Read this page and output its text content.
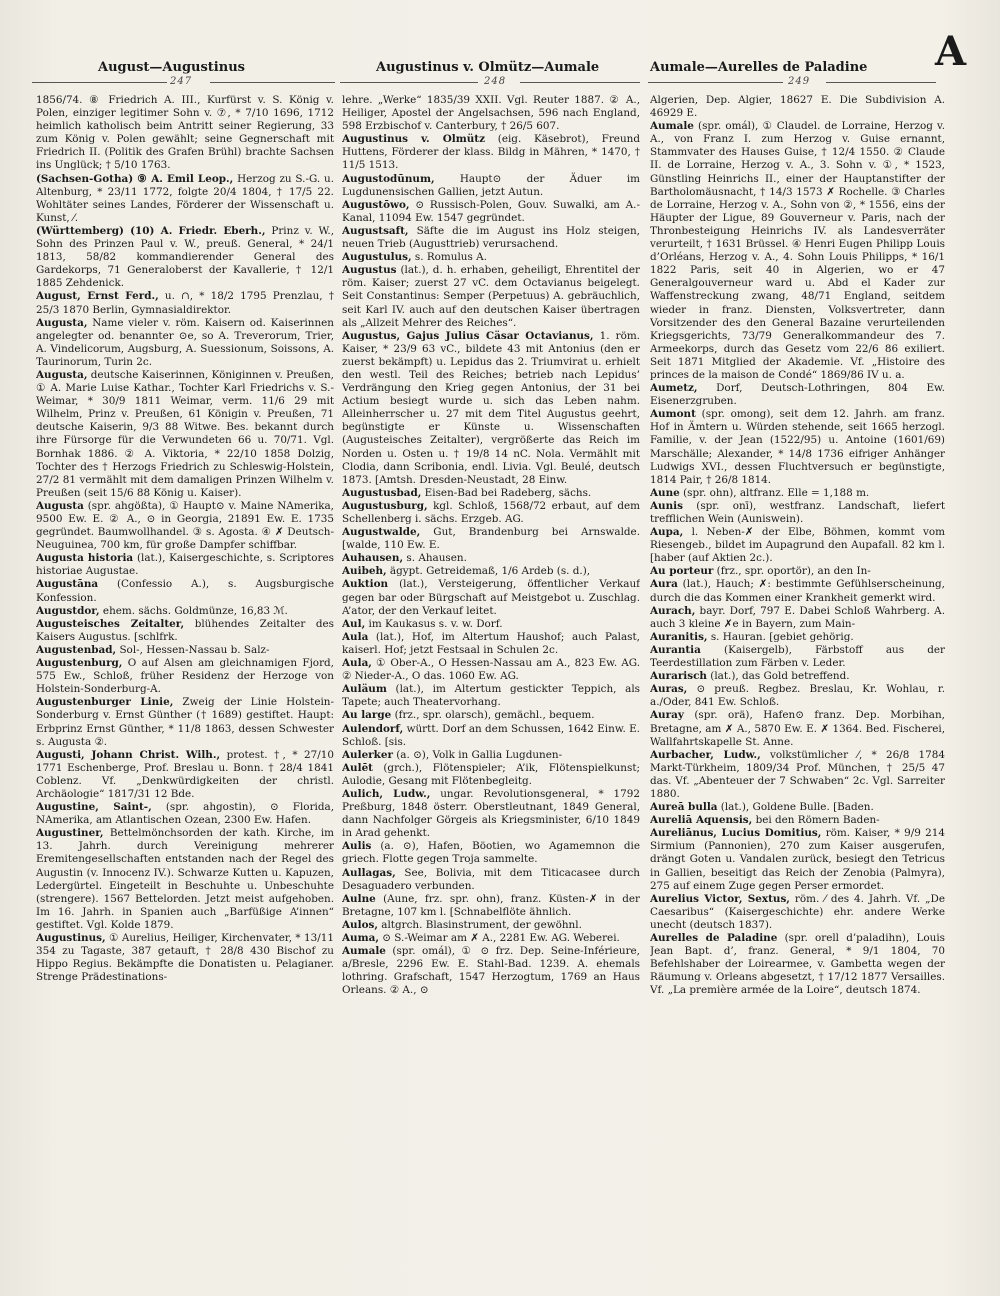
A
August—Augustinus	Augustinus v. Olmütz—Aumale	Aumale—Aurelles de Paladine
247	248	249

1856/74. ⑧ Friedrich A. III., Kurfürst v. S. König v. Polen, einziger legitimer Sohn v. ⑦, * 7/10 1696, 1712 heimlich katholisch beim Antritt seiner Regierung, 33 zum König v. Polen gewählt; seine Gegnerschaft mit Friedrich II. (Politik des Grafen Brühl) brachte Sachsen ins Unglück; † 5/10 1763.

(Sachsen-Gotha) ⑨ A. Emil Leop., Herzog zu S.-G. u. Altenburg, * 23/11 1772, folgte 20/4 1804, † 17/5 22. Wohltäter seines Landes, Förderer der Wissenschaft u. Kunst, ⁄.

(Württemberg) (10) A. Friedr. Eberh., Prinz v. W., Sohn des Prinzen Paul v. W., preuß. General, * 24/1 1813, 58/82 kommandierender General des Gardekorps, 71 Generaloberst der Kavallerie, † 12/1 1885 Zehdenick.

August, Ernst Ferd., u. ∩, * 18/2 1795 Prenzlau, † 25/3 1870 Berlin, Gymnasialdirektor.

Augusta, Name vieler v. röm. Kaisern od. Kaiserinnen angelegter od. benannter ⊙e, so A. Treverorum, Trier, A. Vindelicorum, Augsburg, A. Suessionum, Soissons, A. Taurinorum, Turin 2c.

Augusta, deutsche Kaiserinnen, Königinnen v. Preußen, ① A. Marie Luise Kathar., Tochter Karl Friedrichs v. S.-Weimar, * 30/9 1811 Weimar, verm. 11/6 29 mit Wilhelm, Prinz v. Preußen, 61 Königin v. Preußen, 71 deutsche Kaiserin, 9/3 88 Witwe. Bes. bekannt durch ihre Fürsorge für die Verwundeten 66 u. 70/71. Vgl. Bornhak 1886. ② A. Viktoria, * 22/10 1858 Dolzig, Tochter des † Herzogs Friedrich zu Schleswig-Holstein, 27/2 81 vermählt mit dem damaligen Prinzen Wilhelm v. Preußen (seit 15/6 88 König u. Kaiser).

Augusta (spr. ahgößta), ① Haupt⊙ v. Maine NAmerika, 9500 Ew. E. ② A., ⊙ in Georgia, 21891 Ew. E. 1735 gegründet. Baumwollhandel. ③ s. Agosta. ④ ✗ Deutsch-Neuguinea, 700 km, für große Dampfer schiffbar.

Augusta historia (lat.), Kaisergeschichte, s. Scriptores historiae Augustae.

Augustāna (Confessio A.), s. Augsburgische Konfession.

Augustdor, ehem. sächs. Goldmünze, 16,83 ℳ.

Augusteisches Zeitalter, blühendes Zeitalter des Kaisers Augustus. [schlfrk.

Augustenbad, Sol-, Hessen-Nassau b. Salz-

Augustenburg, O auf Alsen am gleichnamigen Fjord, 575 Ew., Schloß, früher Residenz der Herzoge von Holstein-Sonderburg-A.

Augustenburger Linie, Zweig der Linie Holstein-Sonderburg v. Ernst Günther († 1689) gestiftet. Haupt: Erbprinz Ernst Günther, * 11/8 1863, dessen Schwester s. Augusta ②.

Augusti, Johann Christ. Wilh., protest. †, * 27/10 1771 Eschenberge, Prof. Breslau u. Bonn. † 28/4 1841 Coblenz. Vf. „Denkwürdigkeiten der christl. Archäologie“ 1817/31 12 Bde.

Augustine, Saint-, (spr. ahgostin), ⊙ Florida, NAmerika, am Atlantischen Ozean, 2300 Ew. Hafen.

Augustiner, Bettelmönchsorden der kath. Kirche, im 13. Jahrh. durch Vereinigung mehrerer Eremitengesellschaften entstanden nach der Regel des Augustin (v. Innocenz IV.). Schwarze Kutten u. Kapuzen, Ledergürtel. Eingeteilt in Beschuhte u. Unbeschuhte (strengere). 1567 Bettelorden. Jetzt meist aufgehoben. Im 16. Jahrh. in Spanien auch „Barfüßige A’innen“ gestiftet. Vgl. Kolde 1879.

Augustinus, ① Aurelius, Heiliger, Kirchenvater, * 13/11 354 zu Tagaste, 387 getauft, † 28/8 430 Bischof zu Hippo Regius. Bekämpfte die Donatisten u. Pelagianer. Strenge Prädestinations-

lehre. „Werke“ 1835/39 XXII. Vgl. Reuter 1887. ② A., Heiliger, Apostel der Angelsachsen, 596 nach England, 598 Erzbischof v. Canterbury, † 26/5 607.

Augustinus v. Olmütz (eig. Käsebrot), Freund Huttens, Förderer der klass. Bildg in Mähren, * 1470, † 11/5 1513.

Augustodūnum, Haupt⊙ der Äduer im Lugdunensischen Gallien, jetzt Autun.

Augustōwo, ⊙ Russisch-Polen, Gouv. Suwalki, am A.-Kanal, 11094 Ew. 1547 gegründet.

Augustsaft, Säfte die im August ins Holz steigen, neuen Trieb (Augusttrieb) verursachend.

Augustulus, s. Romulus A.

Augustus (lat.), d. h. erhaben, geheiligt, Ehrentitel der röm. Kaiser; zuerst 27 vC. dem Octavianus beigelegt. Seit Constantinus: Semper (Perpetuus) A. gebräuchlich, seit Karl IV. auch auf den deutschen Kaiser übertragen als „Allzeit Mehrer des Reiches“.

Augustus, Gajus Julius Cäsar Octavianus, 1. röm. Kaiser, * 23/9 63 vC., bildete 43 mit Antonius (den er zuerst bekämpft) u. Lepidus das 2. Triumvirat u. erhielt den westl. Teil des Reiches; betrieb nach Lepidus’ Verdrängung den Krieg gegen Antonius, der 31 bei Actium besiegt wurde u. sich das Leben nahm. Alleinherrscher u. 27 mit dem Titel Augustus geehrt, begünstigte er Künste u. Wissenschaften (Augusteisches Zeitalter), vergrößerte das Reich im Norden u. Osten u. † 19/8 14 nC. Nola. Vermählt mit Clodia, dann Scribonia, endl. Livia. Vgl. Beulé, deutsch 1873. [Amtsh. Dresden-Neustadt, 28 Einw.

Augustusbad, Eisen-Bad bei Radeberg, sächs.

Augustusburg, kgl. Schloß, 1568/72 erbaut, auf dem Schellenberg i. sächs. Erzgeb. AG.

Augustwalde, Gut, Brandenburg bei Arnswalde. [walde, 110 Ew. E.

Auhausen, s. Ahausen.

Auibeh, ägypt. Getreidemaß, 1/6 Ardeb (s. d.),

Auktion (lat.), Versteigerung, öffentlicher Verkauf gegen bar oder Bürgschaft auf Meistgebot u. Zuschlag. A’ator, der den Verkauf leitet.

Aul, im Kaukasus s. v. w. Dorf.

Aula (lat.), Hof, im Altertum Haushof; auch Palast, kaiserl. Hof; jetzt Festsaal in Schulen 2c.

Aula, ① Ober-A., O Hessen-Nassau am A., 823 Ew. AG. ② Nieder-A., O das. 1060 Ew. AG.

Auläum (lat.), im Altertum gestickter Teppich, als Tapete; auch Theatervorhang.

Au large (frz., spr. olarsch), gemächl., bequem.

Aulendorf, württ. Dorf an dem Schussen, 1642 Einw. E. Schloß. [sis.

Aulerker (a. ⊙), Volk in Gallia Lugdunen-

Aulēt (grch.), Flötenspieler; A’ik, Flötenspielkunst; Aulodie, Gesang mit Flötenbegleitg.

Aulich, Ludw., ungar. Revolutionsgeneral, * 1792 Preßburg, 1848 österr. Oberstleutnant, 1849 General, dann Nachfolger Görgeis als Kriegsminister, 6/10 1849 in Arad gehenkt.

Aulis (a. ⊙), Hafen, Böotien, wo Agamemnon die griech. Flotte gegen Troja sammelte.

Aullagas, See, Bolivia, mit dem Titicacasee durch Desaguadero verbunden.

Aulne (Aune, frz. spr. ohn), franz. Küsten-✗ in der Bretagne, 107 km l. [Schnabelflöte ähnlich.

Aulos, altgrch. Blasinstrument, der gewöhnl.

Auma, ⊙ S.-Weimar am ✗ A., 2281 Ew. AG. Weberei.

Aumale (spr. omál), ① ⊙ frz. Dep. Seine-Inférieure, a/Bresle, 2296 Ew. E. Stahl-Bad. 1239. A. ehemals lothring. Grafschaft, 1547 Herzogtum, 1769 an Haus Orleans. ② A., ⊙

Algerien, Dep. Algier, 18627 E. Die Subdivision A. 46929 E.

Aumale (spr. omál), ① Claudel. de Lorraine, Herzog v. A., von Franz I. zum Herzog v. Guise ernannt, Stammvater des Hauses Guise, † 12/4 1550. ② Claude II. de Lorraine, Herzog v. A., 3. Sohn v. ①, * 1523, Günstling Heinrichs II., einer der Hauptanstifter der Bartholomäusnacht, † 14/3 1573 ✗ Rochelle. ③ Charles de Lorraine, Herzog v. A., Sohn von ②, * 1556, eins der Häupter der Ligue, 89 Gouverneur v. Paris, nach der Thronbesteigung Heinrichs IV. als Landesverräter verurteilt, † 1631 Brüssel. ④ Henri Eugen Philipp Louis d’Orléans, Herzog v. A., 4. Sohn Louis Philipps, * 16/1 1822 Paris, seit 40 in Algerien, wo er 47 Generalgouverneur ward u. Abd el Kader zur Waffenstreckung zwang, 48/71 England, seitdem wieder in franz. Diensten, Volksvertreter, dann Vorsitzender des den General Bazaine verurteilenden Kriegsgerichts, 73/79 Generalkommandeur des 7. Armeekorps, durch das Gesetz vom 22/6 86 exiliert. Seit 1871 Mitglied der Akademie. Vf. „Histoire des princes de la maison de Condé“ 1869/86 IV u. a.

Aumetz, Dorf, Deutsch-Lothringen, 804 Ew. Eisenerzgruben.

Aumont (spr. omong), seit dem 12. Jahrh. am franz. Hof in Ämtern u. Würden stehende, seit 1665 herzogl. Familie, v. der Jean (1522/95) u. Antoine (1601/69) Marschälle; Alexander, * 14/8 1736 eifriger Anhänger Ludwigs XVI., dessen Fluchtversuch er begünstigte, 1814 Pair, † 26/8 1814.

Aune (spr. ohn), altfranz. Elle = 1,188 m.

Aunis (spr. onī), westfranz. Landschaft, liefert trefflichen Wein (Auniswein).

Aupa, l. Neben-✗ der Elbe, Böhmen, kommt vom Riesengeb., bildet im Aupagrund den Aupafall. 82 km l. [haber (auf Aktien 2c.).

Au porteur (frz., spr. oportör), an den In-

Aura (lat.), Hauch; ✗: bestimmte Gefühlserscheinung, durch die das Kommen einer Krankheit gemerkt wird.

Aurach, bayr. Dorf, 797 E. Dabei Schloß Wahrberg. A. auch 3 kleine ✗e in Bayern, zum Main-

Auranitis, s. Hauran. [gebiet gehörig.

Aurantia (Kaisergelb), Färbstoff aus der Teerdestillation zum Färben v. Leder.

Aurarisch (lat.), das Gold betreffend.

Auras, ⊙ preuß. Regbez. Breslau, Kr. Wohlau, r. a./Oder, 841 Ew. Schloß.

Auray (spr. orä), Hafen⊙ franz. Dep. Morbihan, Bretagne, am ✗ A., 5870 Ew. E. ✗ 1364. Bed. Fischerei, Wallfahrtskapelle St. Anne.

Aurbacher, Ludw., volkstümlicher ⁄, * 26/8 1784 Markt-Türkheim, 1809/34 Prof. München, † 25/5 47 das. Vf. „Abenteuer der 7 Schwaben“ 2c. Vgl. Sarreiter 1880.

Aureā bulla (lat.), Goldene Bulle. [Baden.

Aureliā Aquensis, bei den Römern Baden-

Aureliānus, Lucius Domitius, röm. Kaiser, * 9/9 214 Sirmium (Pannonien), 270 zum Kaiser ausgerufen, drängt Goten u. Vandalen zurück, besiegt den Tetricus in Gallien, beseitigt das Reich der Zenobia (Palmyra), 275 auf einem Zuge gegen Perser ermordet.

Aurelius Victor, Sextus, röm. ⁄ des 4. Jahrh. Vf. „De Caesaribus“ (Kaisergeschichte) ehr. andere Werke unecht (deutsch 1837).

Aurelles de Paladine (spr. orell d’paladihn), Louis Jean Bapt. d’, franz. General, * 9/1 1804, 70 Befehlshaber der Loirearmee, v. Gambetta wegen der Räumung v. Orleans abgesetzt, † 17/12 1877 Versailles. Vf. „La première armée de la Loire“, deutsch 1874.
